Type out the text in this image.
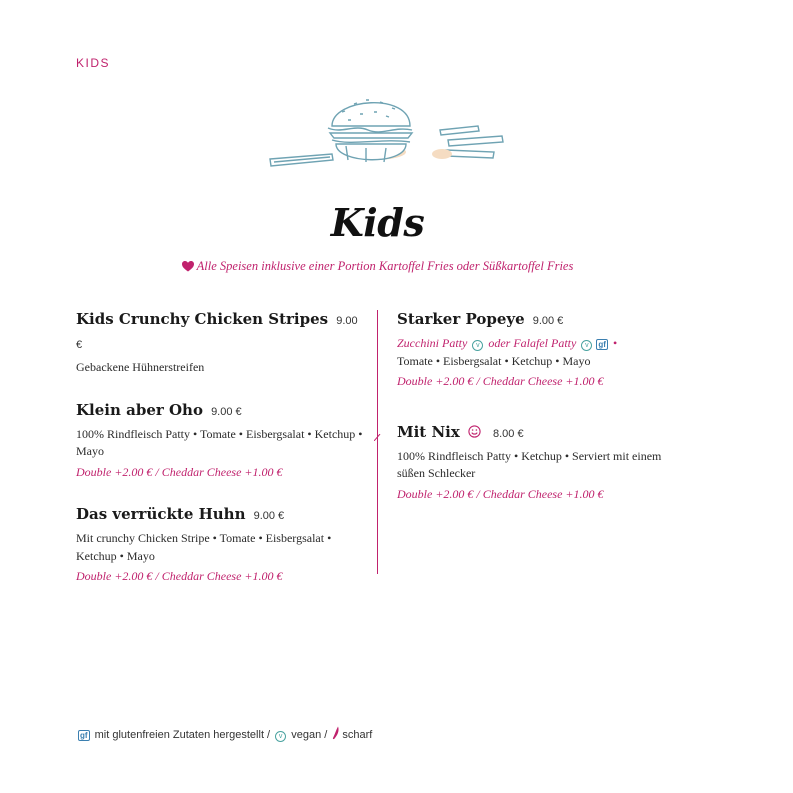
KIDS
Kids
Alle Speisen inklusive einer Portion Kartoffel Fries oder Süßkartoffel Fries
Kids Crunchy Chicken Stripes 9.00 €
Gebackene Hühnerstreifen
Klein aber Oho 9.00 €
100% Rindfleisch Patty • Tomate • Eisbergsalat • Ketchup • Mayo
Double +2.00 € / Cheddar Cheese +1.00 €
Das verrückte Huhn 9.00 €
Mit crunchy Chicken Stripe • Tomate • Eisbergsalat • Ketchup • Mayo
Double +2.00 € / Cheddar Cheese +1.00 €
Starker Popeye 9.00 €
Zucchini Patty v oder Falafel Patty v gf •
Tomate • Eisbergsalat • Ketchup • Mayo
Double +2.00 € / Cheddar Cheese +1.00 €
Mit Nix	8.00 €
100% Rindfleisch Patty • Ketchup • Serviert mit einem süßen Schlecker
Double +2.00 € / Cheddar Cheese +1.00 €
gf mit glutenfreien Zutaten hergestellt / v vegan / scharf
